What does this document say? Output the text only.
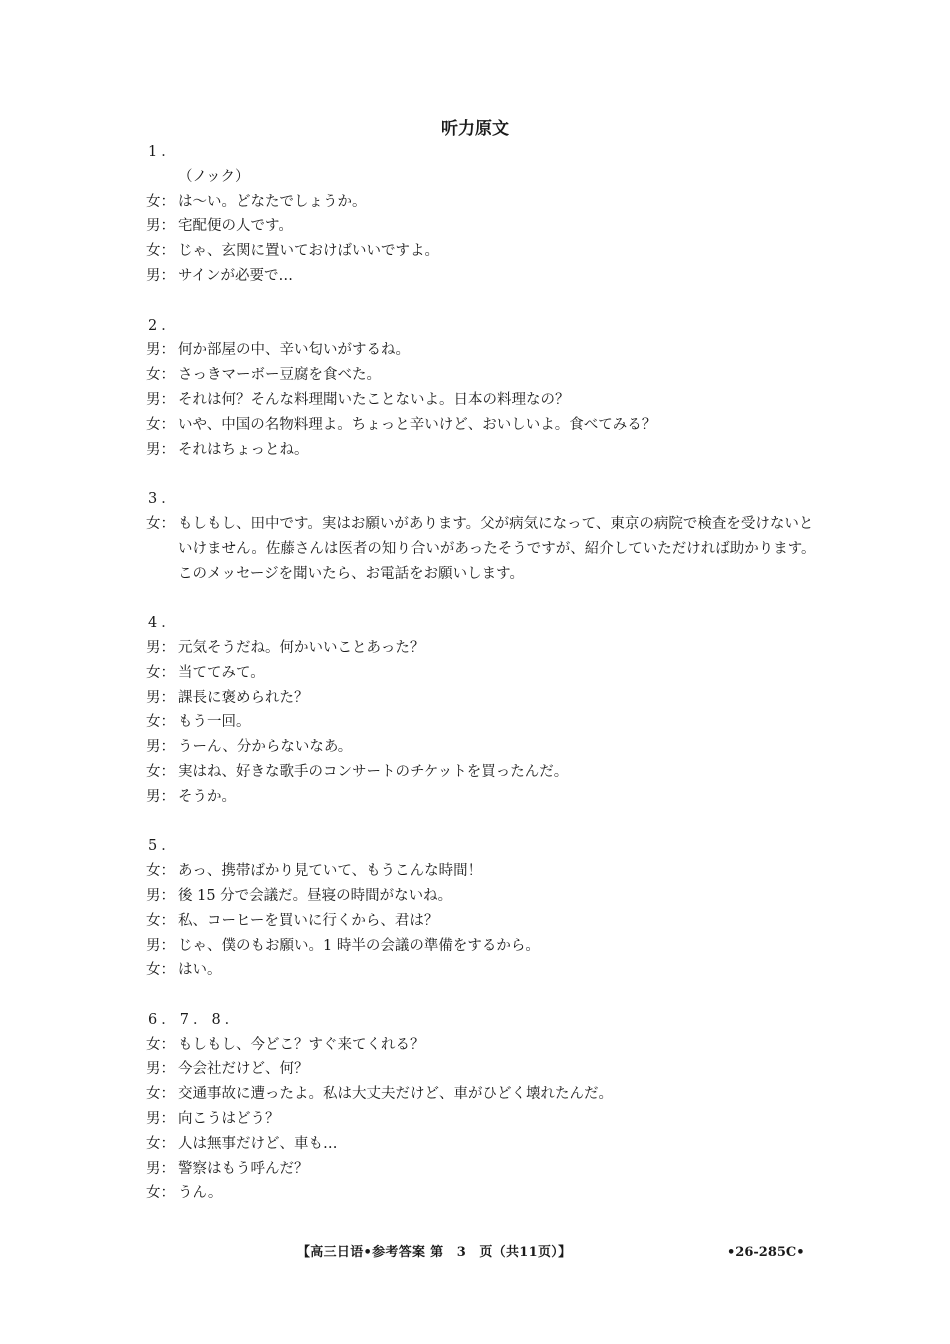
听力原文
1．
（ノック）
女： は～い。どなたでしょうか。
男： 宅配便の人です。
女： じゃ、玄関に置いておけばいいですよ。
男： サインが必要で…
2．
男： 何か部屋の中、辛い匂いがするね。
女： さっきマーボー豆腐を食べた。
男： それは何？そんな料理聞いたことないよ。日本の料理なの？
女： いや、中国の名物料理よ。ちょっと辛いけど、おいしいよ。食べてみる？
男： それはちょっとね。
3．
女： もしもし、田中です。実はお願いがあります。父が病気になって、東京の病院で検査を受けないといけません。佐藤さんは医者の知り合いがあったそうですが、紹介していただければ助かります。このメッセージを聞いたら、お電話をお願いします。
4．
男： 元気そうだね。何かいいことあった？
女： 当ててみて。
男： 課長に褒められた？
女： もう一回。
男： うーん、分からないなあ。
女： 実はね、好きな歌手のコンサートのチケットを買ったんだ。
男： そうか。
5．
女： あっ、携帯ばかり見ていて、もうこんな時間！
男： 後 15 分で会議だ。昼寝の時間がないね。
女： 私、コーヒーを買いに行くから、君は？
男： じゃ、僕のもお願い。1 時半の会議の準備をするから。
女： はい。
6．7．8．
女： もしもし、今どこ？すぐ来てくれる？
男： 今会社だけど、何？
女： 交通事故に遭ったよ。私は大丈夫だけど、車がひどく壊れたんだ。
男： 向こうはどう？
女： 人は無事だけど、車も…
男： 警察はもう呼んだ？
女： うん。
【高三日语•参考答案 第　3　页（共11页）】	•26-285C•
